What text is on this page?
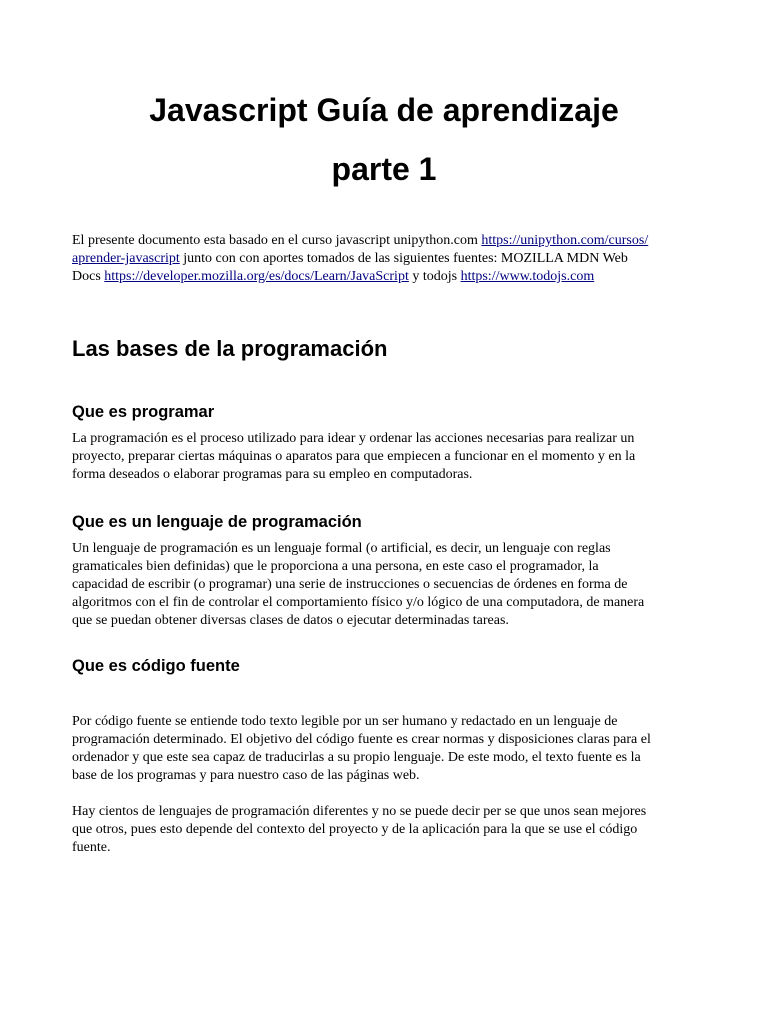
Javascript Guía de aprendizaje
parte 1

El presente documento esta basado en el curso javascript unipython.com https://unipython.com/cursos/
aprender-javascript junto con con aportes tomados de las siguientes fuentes: MOZILLA MDN Web
Docs https://developer.mozilla.org/es/docs/Learn/JavaScript y todojs https://www.todojs.com

Las bases de la programación
Que es programar

La programación es el proceso utilizado para idear y ordenar las acciones necesarias para realizar un
proyecto, preparar ciertas máquinas o aparatos para que empiecen a funcionar en el momento y en la
forma deseados o elaborar programas para su empleo en computadoras.

Que es un lenguaje de programación

Un lenguaje de programación es un lenguaje formal (o artificial, es decir, un lenguaje con reglas
gramaticales bien definidas) que le proporciona a una persona, en este caso el programador, la
capacidad de escribir (o programar) una serie de instrucciones o secuencias de órdenes en forma de
algoritmos con el fin de controlar el comportamiento físico y/o lógico de una computadora, de manera
que se puedan obtener diversas clases de datos o ejecutar determinadas tareas.

Que es código fuente

Por código fuente se entiende todo texto legible por un ser humano y redactado en un lenguaje de
programación determinado. El objetivo del código fuente es crear normas y disposiciones claras para el
ordenador y que este sea capaz de traducirlas a su propio lenguaje. De este modo, el texto fuente es la
base de los programas y para nuestro caso de las páginas web.

Hay cientos de lenguajes de programación diferentes y no se puede decir per se que unos sean mejores
que otros, pues esto depende del contexto del proyecto y de la aplicación para la que se use el código
fuente.
